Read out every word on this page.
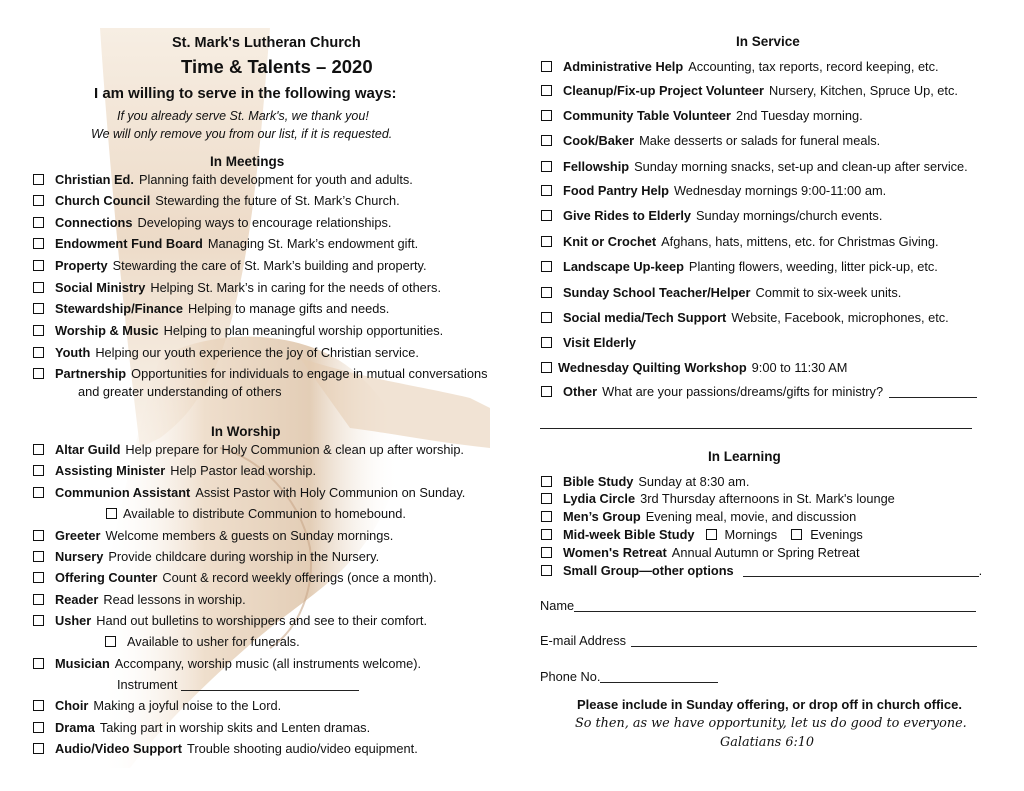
St. Mark's Lutheran Church
Time & Talents – 2020
I am willing to serve in the following ways:
If you already serve St. Mark's, we thank you!
We will only remove you from our list, if it is requested.
In Meetings
Christian Ed. Planning faith development for youth and adults.
Church Council Stewarding the future of St. Mark’s Church.
Connections Developing ways to encourage relationships.
Endowment Fund Board Managing St. Mark’s endowment gift.
Property Stewarding the care of St. Mark’s building and property.
Social Ministry Helping St. Mark’s in caring for the needs of others.
Stewardship/Finance Helping to manage gifts and needs.
Worship & Music Helping to plan meaningful worship opportunities.
Youth Helping our youth experience the joy of Christian service.
Partnership Opportunities for individuals to engage in mutual conversations
and greater understanding of others
In Worship
Altar Guild Help prepare for Holy Communion & clean up after worship.
Assisting Minister Help Pastor lead worship.
Communion Assistant Assist Pastor with Holy Communion on Sunday.
Available to distribute Communion to homebound.
Greeter Welcome members & guests on Sunday mornings.
Nursery Provide childcare during worship in the Nursery.
Offering Counter Count & record weekly offerings (once a month).
Reader Read lessons in worship.
Usher Hand out bulletins to worshippers and see to their comfort.
Available to usher for funerals.
Musician Accompany, worship music (all instruments welcome).
Instrument
Choir Making a joyful noise to the Lord.
Drama Taking part in worship skits and Lenten dramas.
Audio/Video Support Trouble shooting audio/video equipment.
In Service
Administrative Help Accounting, tax reports, record keeping, etc.
Cleanup/Fix-up Project Volunteer Nursery, Kitchen, Spruce Up, etc.
Community Table Volunteer 2nd Tuesday morning.
Cook/Baker Make desserts or salads for funeral meals.
Fellowship Sunday morning snacks, set-up and clean-up after service.
Food Pantry Help Wednesday mornings 9:00-11:00 am.
Give Rides to Elderly Sunday mornings/church events.
Knit or Crochet Afghans, hats, mittens, etc. for Christmas Giving.
Landscape Up-keep Planting flowers, weeding, litter pick-up, etc.
Sunday School Teacher/Helper Commit to six-week units.
Social media/Tech Support Website, Facebook, microphones, etc.
Visit Elderly
Wednesday Quilting Workshop 9:00 to 11:30 AM
Other What are your passions/dreams/gifts for ministry?
In Learning
Bible Study Sunday at 8:30 am.
Lydia Circle 3rd Thursday afternoons in St. Mark's lounge
Men’s Group Evening meal, movie, and discussion
Mid-week Bible Study Mornings	Evenings
Women's Retreat Annual Autumn or Spring Retreat
Small Group—other options	.
Name
E-mail Address
Phone No.
Please include in Sunday offering, or drop off in church office.
So then, as we have opportunity, let us do good to everyone.
Galatians 6:10
